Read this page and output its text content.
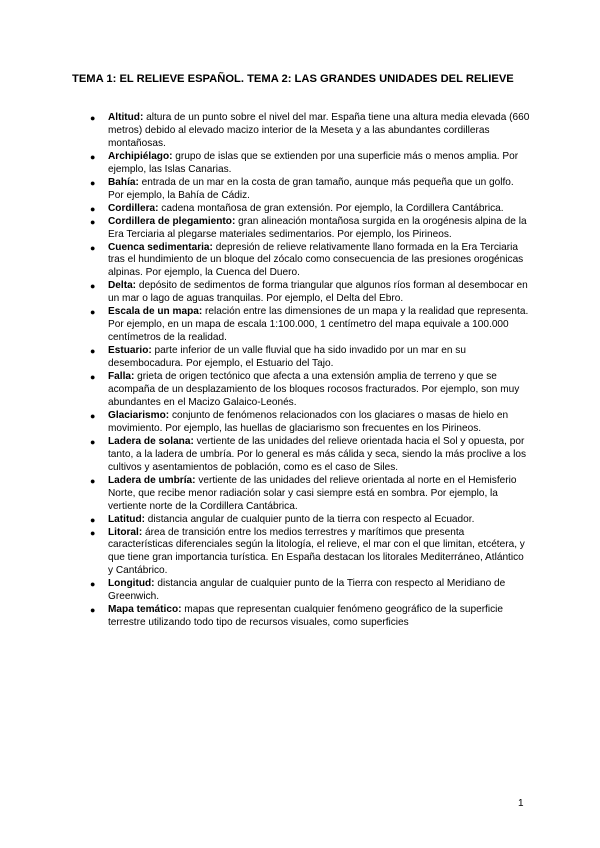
TEMA 1: EL RELIEVE ESPAÑOL. TEMA 2: LAS GRANDES UNIDADES DEL RELIEVE
● Altitud: altura de un punto sobre el nivel del mar. España tiene una altura media elevada (660 metros) debido al elevado macizo interior de la Meseta y a las abundantes cordilleras montañosas.
● Archipiélago: grupo de islas que se extienden por una superficie más o menos amplia. Por ejemplo, las Islas Canarias.
● Bahía: entrada de un mar en la costa de gran tamaño, aunque más pequeña que un golfo. Por ejemplo, la Bahía de Cádiz.
● Cordillera: cadena montañosa de gran extensión. Por ejemplo, la Cordillera Cantábrica.
● Cordillera de plegamiento: gran alineación montañosa surgida en la orogénesis alpina de la Era Terciaria al plegarse materiales sedimentarios. Por ejemplo, los Pirineos.
● Cuenca sedimentaria: depresión de relieve relativamente llano formada en la Era Terciaria tras el hundimiento de un bloque del zócalo como consecuencia de las presiones orogénicas alpinas. Por ejemplo, la Cuenca del Duero.
● Delta: depósito de sedimentos de forma triangular que algunos ríos forman al desembocar en un mar o lago de aguas tranquilas. Por ejemplo, el Delta del Ebro.
● Escala de un mapa: relación entre las dimensiones de un mapa y la realidad que representa. Por ejemplo, en un mapa de escala 1:100.000, 1 centímetro del mapa equivale a 100.000 centímetros de la realidad.
● Estuario: parte inferior de un valle fluvial que ha sido invadido por un mar en su desembocadura. Por ejemplo, el Estuario del Tajo.
● Falla: grieta de origen tectónico que afecta a una extensión amplia de terreno y que se acompaña de un desplazamiento de los bloques rocosos fracturados. Por ejemplo, son muy abundantes en el Macizo Galaico-Leonés.
● Glaciarismo: conjunto de fenómenos relacionados con los glaciares o masas de hielo en movimiento. Por ejemplo, las huellas de glaciarismo son frecuentes en los Pirineos.
● Ladera de solana: vertiente de las unidades del relieve orientada hacia el Sol y opuesta, por tanto, a la ladera de umbría. Por lo general es más cálida y seca, siendo la más proclive a los cultivos y asentamientos de población, como es el caso de Siles.
● Ladera de umbría: vertiente de las unidades del relieve orientada al norte en el Hemisferio Norte, que recibe menor radiación solar y casi siempre está en sombra. Por ejemplo, la vertiente norte de la Cordillera Cantábrica.
● Latitud: distancia angular de cualquier punto de la tierra con respecto al Ecuador.
● Litoral: área de transición entre los medios terrestres y marítimos que presenta características diferenciales según la litología, el relieve, el mar con el que limitan, etcétera, y que tiene gran importancia turística. En España destacan los litorales Mediterráneo, Atlántico y Cantábrico.
● Longitud: distancia angular de cualquier punto de la Tierra con respecto al Meridiano de Greenwich.
● Mapa temático: mapas que representan cualquier fenómeno geográfico de la superficie terrestre utilizando todo tipo de recursos visuales, como superficies
1
